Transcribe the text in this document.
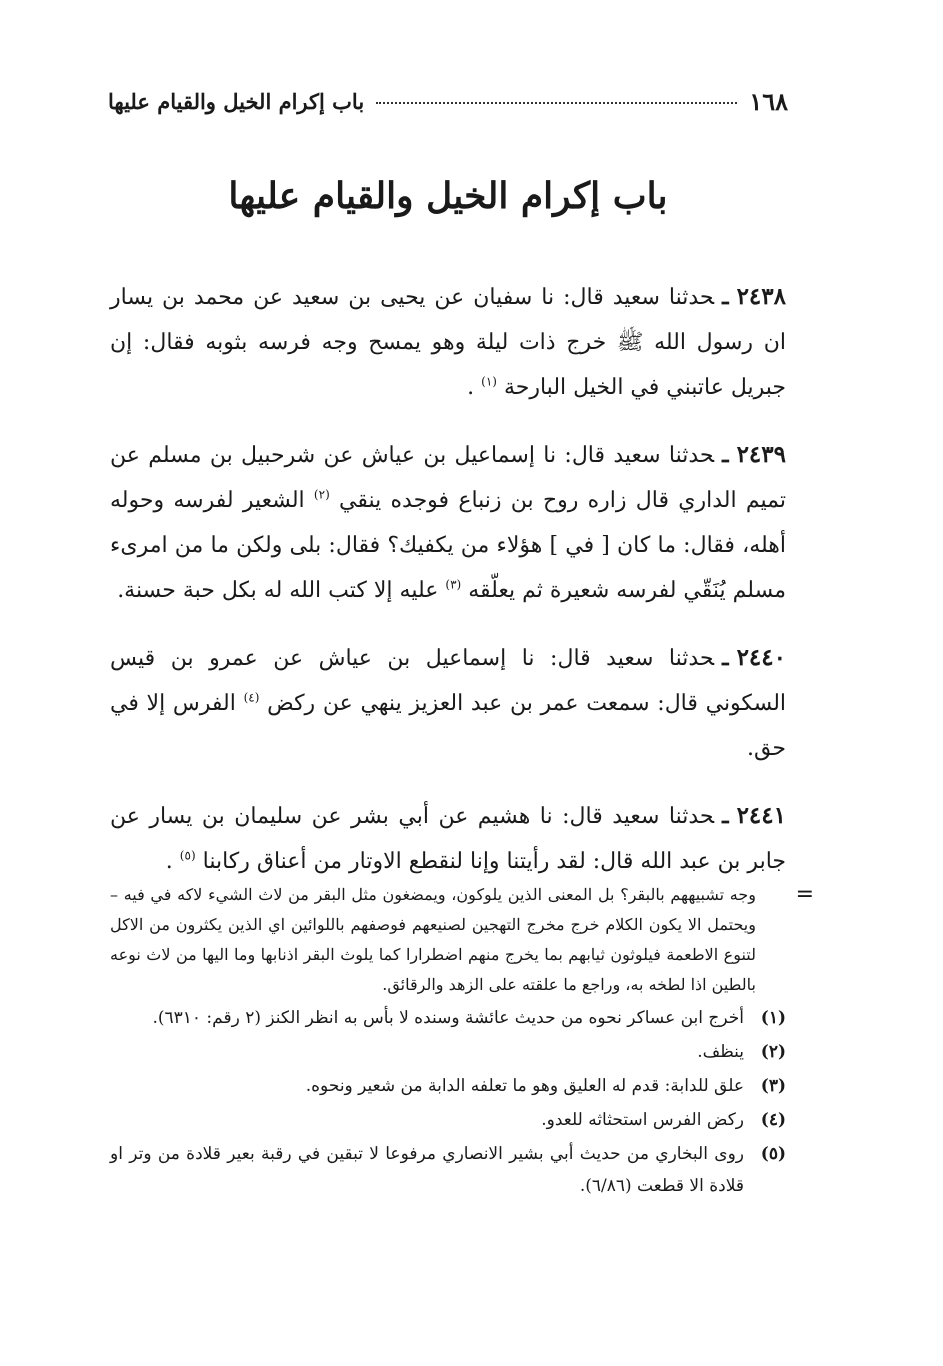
١٦٨
باب إكرام الخيل والقيام عليها
باب إكرام الخيل والقيام عليها

٢٤٣٨ـحدثنا سعيد قال: نا سفيان عن يحيى بن سعيد عن محمد بن يسار ان رسول الله ﷺ خرج ذات ليلة وهو يمسح وجه فرسه بثوبه فقال: إن جبريل عاتبني في الخيل البارحة $^{(١)}$ .

٢٤٣٩ـحدثنا سعيد قال: نا إسماعيل بن عياش عن شرحبيل بن مسلم عن تميم الداري قال زاره روح بن زنباع فوجده ينقي $^{(٢)}$ الشعير لفرسه وحوله أهله، فقال: ما كان [ في ] هؤلاء من يكفيك؟ فقال: بلى ولكن ما من امرىء مسلم يُنَقّي لفرسه شعيرة ثم يعلّقه $^{(٣)}$ عليه إلا كتب الله له بكل حبة حسنة.

٢٤٤٠ـحدثنا سعيد قال: نا إسماعيل بن عياش عن عمرو بن قيس السكوني قال: سمعت عمر بن عبد العزيز ينهي عن ركض $^{(٤)}$ الفرس إلا في حق.

٢٤٤١ـحدثنا سعيد قال: نا هشيم عن أبي بشر عن سليمان بن يسار عن جابر بن عبد الله قال: لقد رأيتنا وإنا لنقطع الاوتار من أعناق ركابنا $^{(٥)}$ .

=
وجه تشبيههم بالبقر؟ بل المعنى الذين يلوكون، ويمضغون مثل البقر من لاث الشيء لاكه في فيه – ويحتمل الا يكون الكلام خرج مخرج التهجين لصنيعهم فوصفهم باللوائين اي الذين يكثرون من الاكل لتنوع الاطعمة فيلوثون ثيابهم بما يخرج منهم اضطرارا كما يلوث البقر اذنابها وما اليها من لاث نوعه بالطين اذا لطخه به، وراجع ما علقته على الزهد والرقائق.
(١)
أخرج ابن عساكر نحوه من حديث عائشة وسنده لا بأس به انظر الكنز (٢ رقم: ٦٣١٠).
(٢)
ينظف.
(٣)
علق للدابة: قدم له العليق وهو ما تعلفه الدابة من شعير ونحوه.
(٤)
ركض الفرس استحثاثه للعدو.
(٥)
روى البخاري من حديث أبي بشير الانصاري مرفوعا لا تبقين في رقبة بعير قلادة من وتر او قلادة الا قطعت (٦/٨٦).
